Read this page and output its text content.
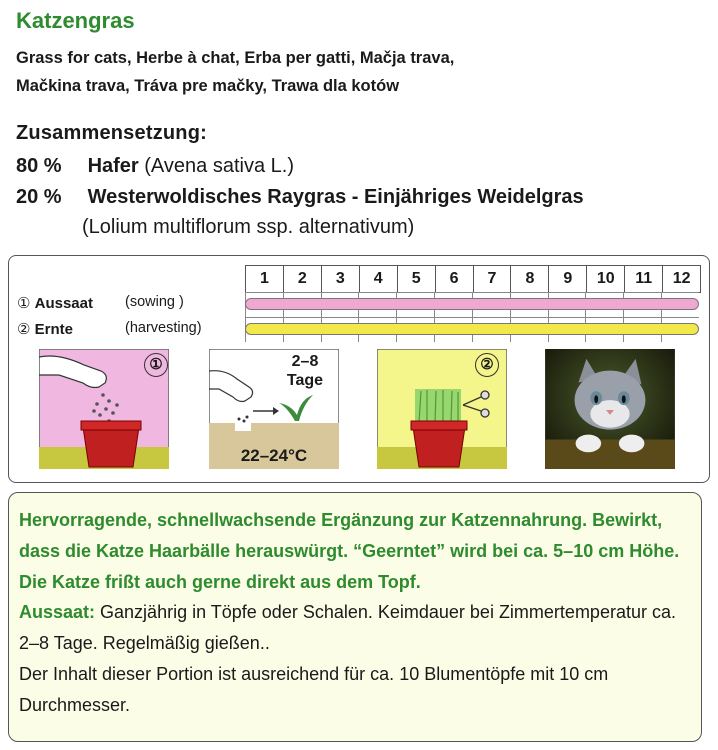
Katzengras
Grass for cats, Herbe à chat, Erba per gatti, Mačja trava,
Mačkina trava, Tráva pre mačky, Trawa dla kotów
Zusammensetzung:
80 % Hafer (Avena sativa L.)
20 % Westerwoldisches Raygras - Einjähriges Weidelgras
(Lolium multiflorum ssp. alternativum)
1	2	3	4	5	6	7	8	9	10	11	12
① Aussaat (sowing )
② Ernte	(harvesting)
①	2–8
Tage
22–24°C
②
Hervorragende, schnellwachsende Ergänzung zur Katzennahrung. Bewirkt, dass die Katze Haarbälle herauswürgt. “Geerntet” wird bei ca. 5–10 cm Höhe. Die Katze frißt auch gerne direkt aus dem Topf.
Aussaat: Ganzjährig in Töpfe oder Schalen. Keimdauer bei Zimmertemperatur ca. 2–8 Tage. Regelmäßig gießen..
Der Inhalt dieser Portion ist ausreichend für ca. 10 Blumentöpfe mit 10 cm Durchmesser.
